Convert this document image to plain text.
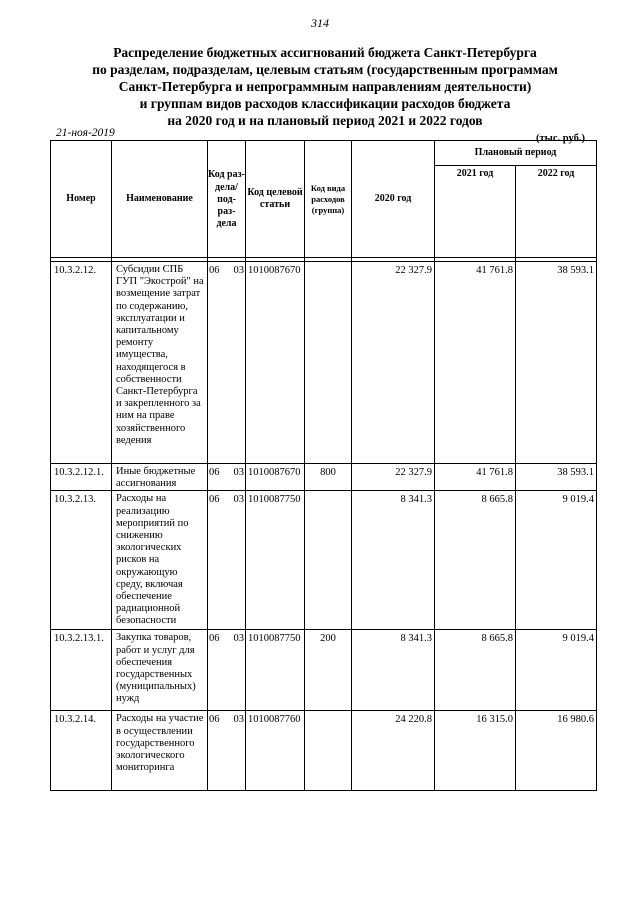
314
Распределение бюджетных ассигнований бюджета Санкт-Петербурга
по разделам, подразделам, целевым статьям (государственным программам
Санкт-Петербурга и непрограммным направлениям деятельности)
и группам видов расходов классификации расходов бюджета
на 2020 год и на плановый период 2021 и 2022 годов
21-ноя-2019	(тыс. руб.)
Номер	Наименование	Код раз- дела/ под- раз- дела	Код целевой статьи	Код вида расходов (группа)	2020 год	Плановый период	
						2021 год	2022 год

10.3.2.12.	Субсидии СПБ ГУП "Экострой" на возмещение затрат по содержанию, эксплуатации и капитальному ремонту имущества, находящегося в собственности Санкт-Петербурга и закрепленного за ним на праве хозяйственного ведения	06 03	1010087670		22 327.9	41 761.8	38 593.1
10.3.2.12.1.	Иные бюджетные ассигнования	06 03	1010087670	800	22 327.9	41 761.8	38 593.1
10.3.2.13.	Расходы на реализацию мероприятий по снижению экологических рисков на окружающую среду, включая обеспечение радиационной безопасности	06 03	1010087750		8 341.3	8 665.8	9 019.4
10.3.2.13.1.	Закупка товаров, работ и услуг для обеспечения государственных (муниципальных) нужд	06 03	1010087750	200	8 341.3	8 665.8	9 019.4
10.3.2.14.	Расходы на участие в осуществлении государственного экологического мониторинга	06 03	1010087760		24 220.8	16 315.0	16 980.6
